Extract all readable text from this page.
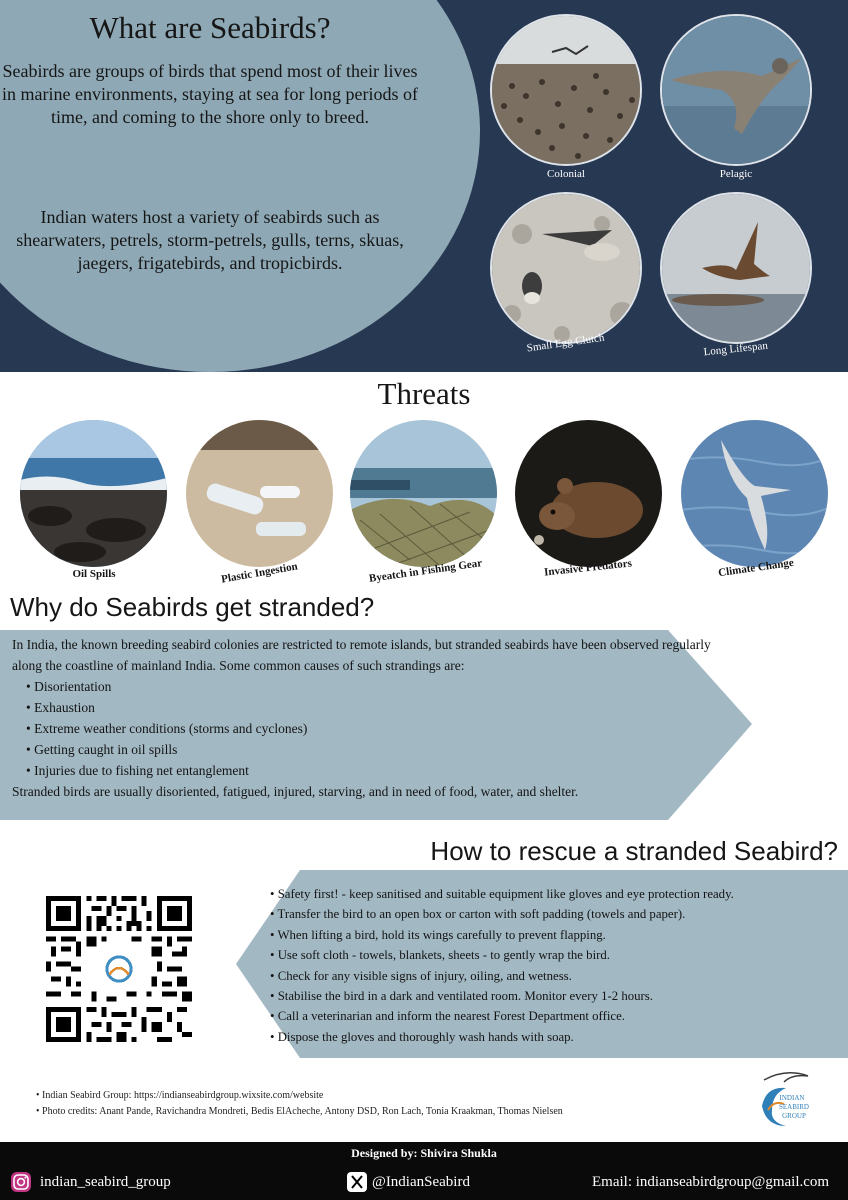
What are Seabirds?
Seabirds are groups of birds that spend most of their lives in marine environments, staying at sea for long periods of time, and coming to the shore only to breed.
Indian waters host a variety of seabirds such as shearwaters, petrels, storm-petrels, gulls, terns, skuas, jaegers, frigatebirds, and tropicbirds.
Colonial	Pelagic
Small Egg Clutch	Long Lifespan
Threats
Oil Spills	Plastic Ingestion	Byeatch in Fishing Gear	Invasive Predators	Climate Change
Why do Seabirds get stranded?
In India, the known breeding seabird colonies are restricted to remote islands, but stranded seabirds have been observed regularly along the coastline of mainland India. Some common causes of such strandings are:
• Disorientation
• Exhaustion
• Extreme weather conditions (storms and cyclones)
• Getting caught in oil spills
• Injuries due to fishing net entanglement
Stranded birds are usually disoriented, fatigued, injured, starving, and in need of food, water, and shelter.
How to rescue a stranded Seabird?
• Safety first! - keep sanitised and suitable equipment like gloves and eye protection ready.
• Transfer the bird to an open box or carton with soft padding (towels and paper).
• When lifting a bird, hold its wings carefully to prevent flapping.
• Use soft cloth - towels, blankets, sheets - to gently wrap the bird.
• Check for any visible signs of injury, oiling, and wetness.
• Stabilise the bird in a dark and ventilated room. Monitor every 1-2 hours.
• Call a veterinarian and inform the nearest Forest Department office.
• Dispose the gloves and thoroughly wash hands with soap.
• Indian Seabird Group: https://indianseabirdgroup.wixsite.com/website
• Photo credits: Anant Pande, Ravichandra Mondreti, Bedis ElAcheche, Antony DSD, Ron Lach, Tonia Kraakman, Thomas Nielsen
INDIAN
SEABIRD
GROUP
Designed by: Shivira Shukla
indian_seabird_group	@IndianSeabird	Email: indianseabirdgroup@gmail.com
